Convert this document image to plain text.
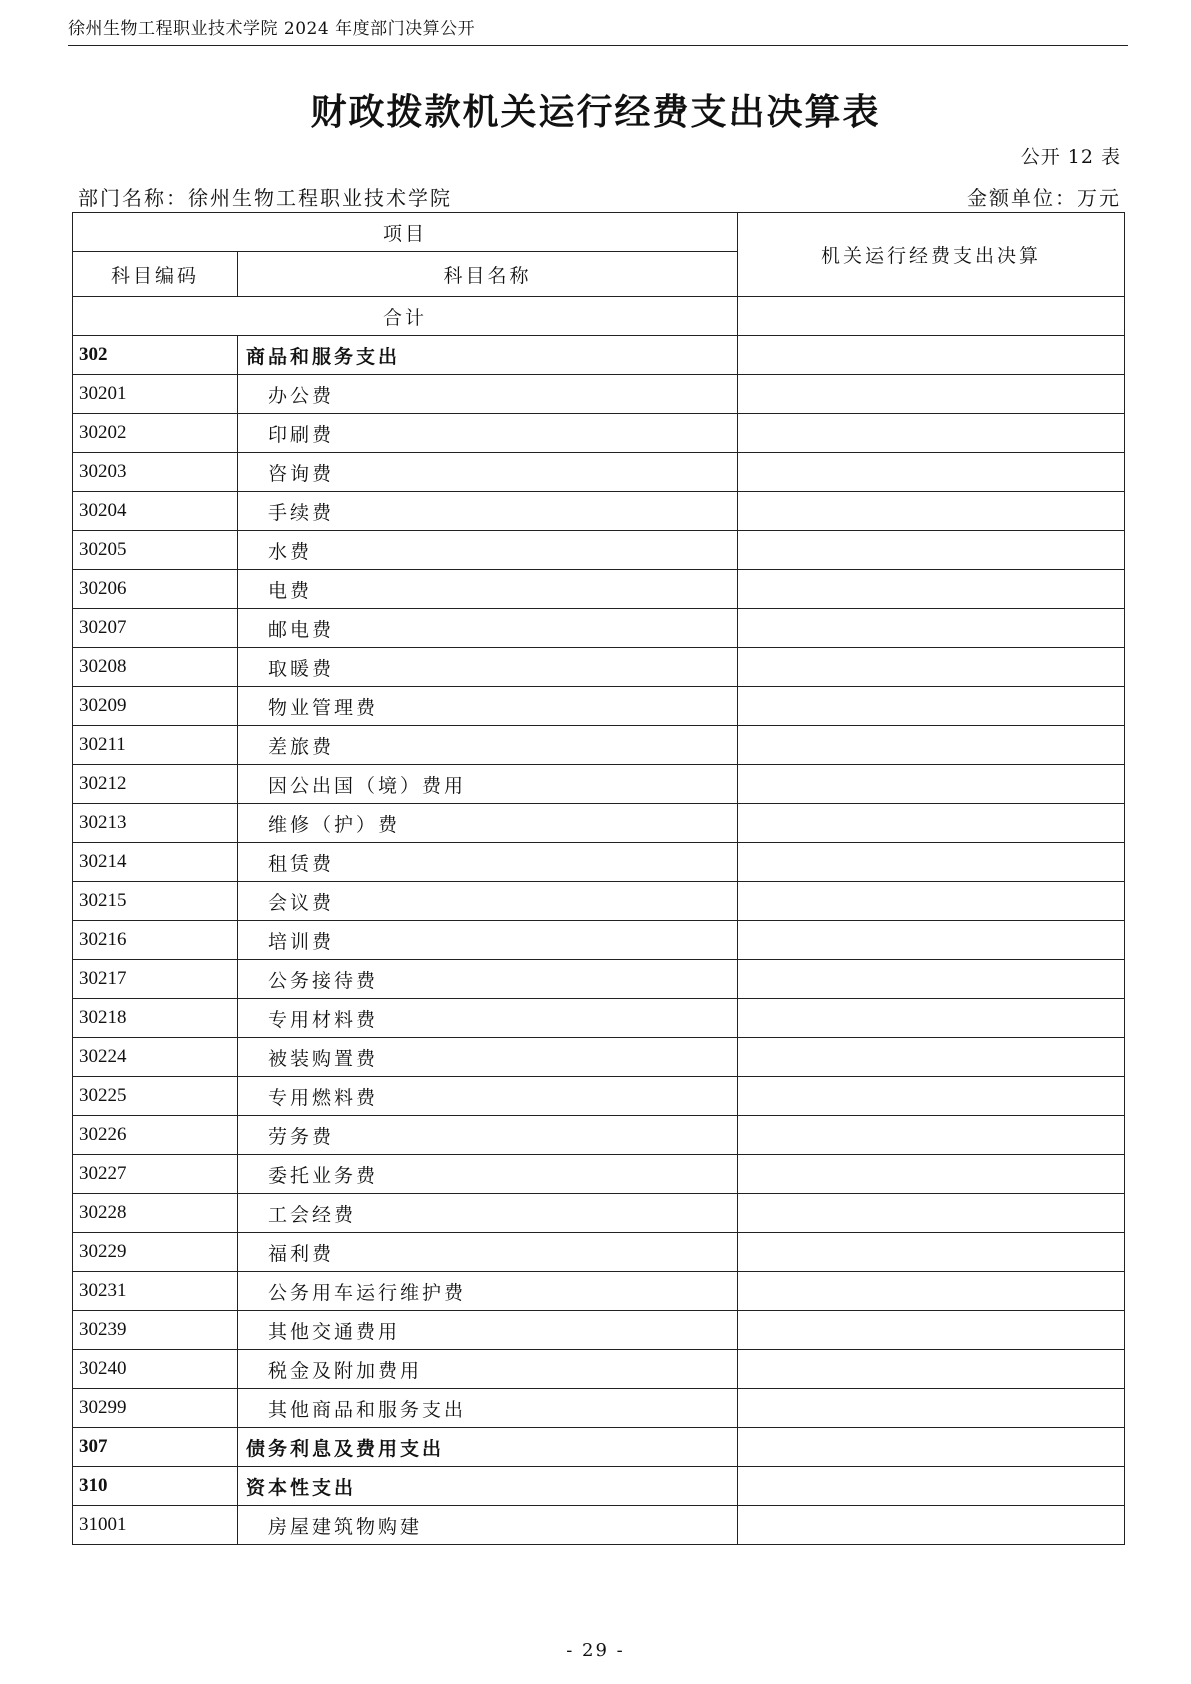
徐州生物工程职业技术学院 2024 年度部门决算公开
财政拨款机关运行经费支出决算表
公开 12 表
部门名称：徐州生物工程职业技术学院	金额单位：万元
项目		机关运行经费支出决算
科目编码	科目名称	
合计		
302	商品和服务支出	
30201	办公费	
30202	印刷费	
30203	咨询费	
30204	手续费	
30205	水费	
30206	电费	
30207	邮电费	
30208	取暖费	
30209	物业管理费	
30211	差旅费	
30212	因公出国（境）费用	
30213	维修（护）费	
30214	租赁费	
30215	会议费	
30216	培训费	
30217	公务接待费	
30218	专用材料费	
30224	被装购置费	
30225	专用燃料费	
30226	劳务费	
30227	委托业务费	
30228	工会经费	
30229	福利费	
30231	公务用车运行维护费	
30239	其他交通费用	
30240	税金及附加费用	
30299	其他商品和服务支出	
307	债务利息及费用支出	
310	资本性支出	
31001	房屋建筑物购建	
- 29 -
